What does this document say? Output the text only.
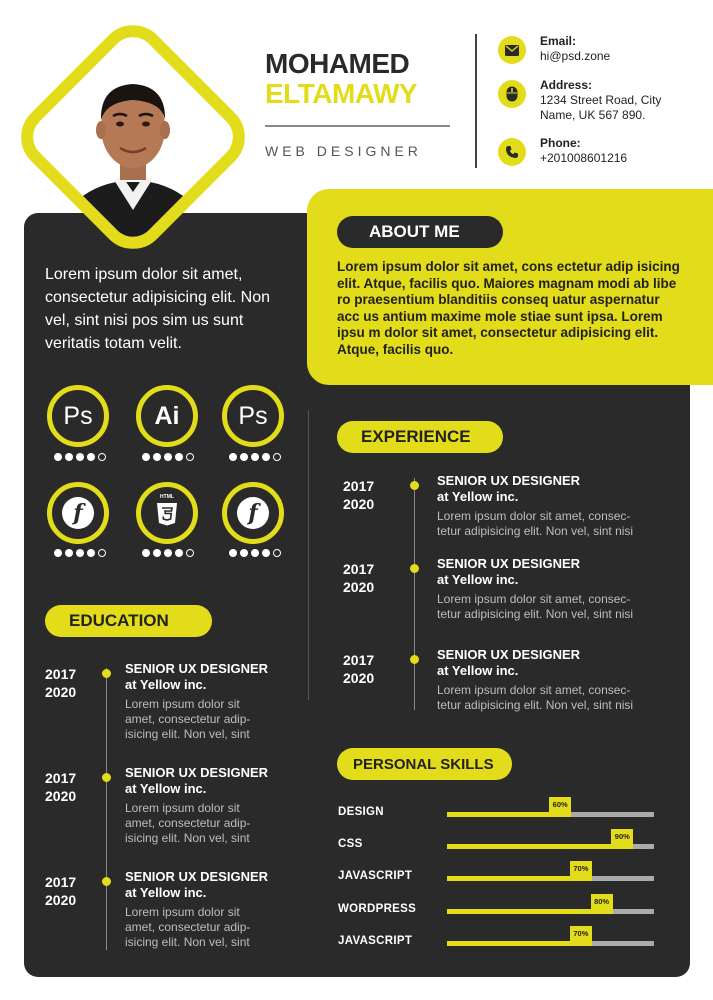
MOHAMED
ELTAMAWY
WEB DESIGNER
Email:
hi@psd.zone
Address:
1234 Street Road, City Name, UK 567 890.
Phone:
+201008601216
ABOUT ME
Lorem ipsum dolor sit amet, cons ectetur adip isicing elit. Atque, facilis quo. Maiores magnam modi ab libe ro praesentium blanditiis conseq uatur aspernatur acc us antium maxime mole stiae sunt ipsa. Lorem ipsu m dolor sit amet, consectetur adipisicing elit. Atque, facilis quo.
Lorem ipsum dolor sit amet, consectetur adipisicing elit. Non vel, sint nisi pos sim us sunt veritatis totam velit.
Ps Ai Ps
f
HTML
f
EDUCATION
2017
2020
SENIOR UX DESIGNER
at Yellow inc.
Lorem ipsum dolor sit
amet, consectetur adip-
isicing elit. Non vel, sint
2017
2020
SENIOR UX DESIGNER
at Yellow inc.
Lorem ipsum dolor sit
amet, consectetur adip-
isicing elit. Non vel, sint
2017
2020
SENIOR UX DESIGNER
at Yellow inc.
Lorem ipsum dolor sit
amet, consectetur adip-
isicing elit. Non vel, sint
EXPERIENCE
2017
2020
SENIOR UX DESIGNER
at Yellow inc.
Lorem ipsum dolor sit amet, consec-
tetur adipisicing elit. Non vel, sint nisi
2017
2020
SENIOR UX DESIGNER
at Yellow inc.
Lorem ipsum dolor sit amet, consec-
tetur adipisicing elit. Non vel, sint nisi
2017
2020
SENIOR UX DESIGNER
at Yellow inc.
Lorem ipsum dolor sit amet, consec-
tetur adipisicing elit. Non vel, sint nisi
PERSONAL SKILLS
DESIGN
60%
CSS
90%
JAVASCRIPT
70%
WORDPRESS
80%
JAVASCRIPT
70%
